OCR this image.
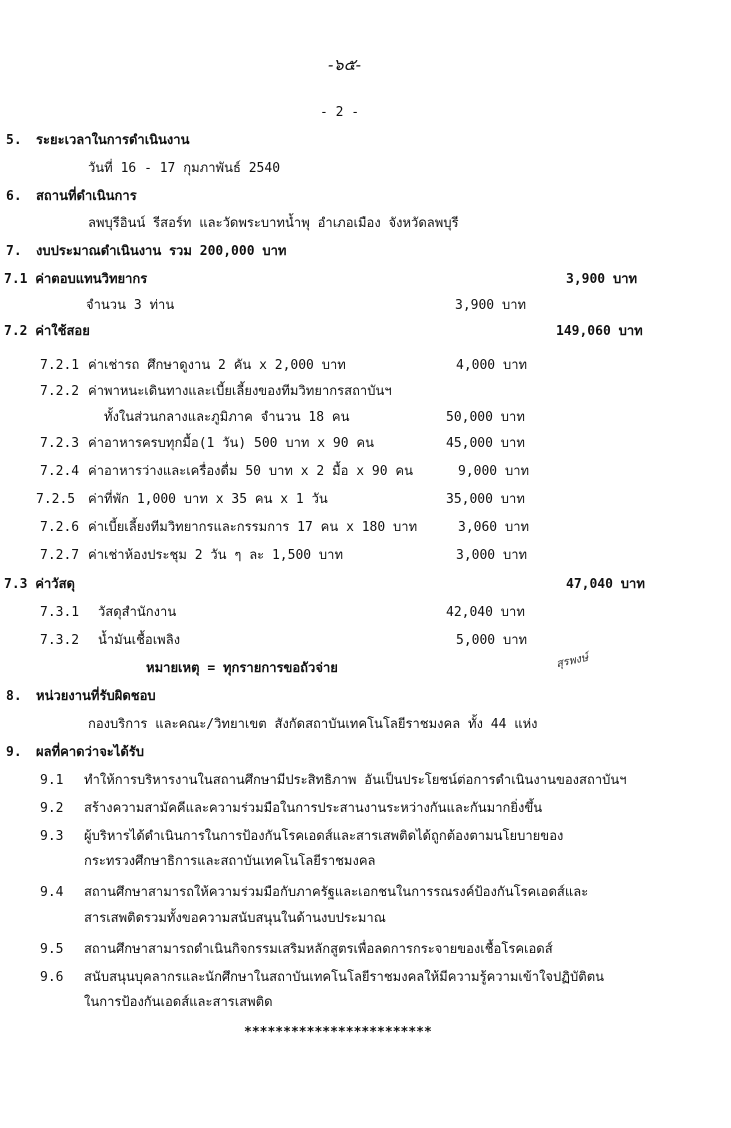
-๖๕-
- 2 -
5. ระยะเวลาในการดำเนินงาน
วันที่ 16 - 17 กุมภาพันธ์ 2540
6. สถานที่ดำเนินการ
ลพบุรีอินน์ รีสอร์ท และวัดพระบาทน้ำพุ อำเภอเมือง จังหวัดลพบุรี
7. งบประมาณดำเนินงาน รวม 200,000 บาท
7.1 ค่าตอบแทนวิทยากร	3,900 บาท
จำนวน 3 ท่าน	3,900 บาท
7.2 ค่าใช้สอย	149,060 บาท
7.2.1 ค่าเช่ารถ ศึกษาดูงาน 2 คัน x 2,000 บาท	4,000 บาท
7.2.2 ค่าพาหนะเดินทางและเบี้ยเลี้ยงของทีมวิทยากรสถาบันฯ
ทั้งในส่วนกลางและภูมิภาค จำนวน 18 คน	50,000 บาท
7.2.3 ค่าอาหารครบทุกมื้อ(1 วัน) 500 บาท x 90 คน	45,000 บาท
7.2.4 ค่าอาหารว่างและเครื่องดื่ม 50 บาท x 2 มื้อ x 90 คน	9,000 บาท
7.2.5 ค่าที่พัก 1,000 บาท x 35 คน x 1 วัน	35,000 บาท
7.2.6 ค่าเบี้ยเลี้ยงทีมวิทยากรและกรรมการ 17 คน x 180 บาท	3,060 บาท
7.2.7 ค่าเช่าห้องประชุม 2 วัน ๆ ละ 1,500 บาท	3,000 บาท
7.3 ค่าวัสดุ	47,040 บาท
7.3.1 วัสดุสำนักงาน	42,040 บาท
7.3.2 น้ำมันเชื้อเพลิง	5,000 บาท
หมายเหตุ = ทุกรายการขอถัวจ่าย	สุรพงษ์
8. หน่วยงานที่รับผิดชอบ
กองบริการ และคณะ/วิทยาเขต สังกัดสถาบันเทคโนโลยีราชมงคล ทั้ง 44 แห่ง
9. ผลที่คาดว่าจะได้รับ
9.1 ทำให้การบริหารงานในสถานศึกษามีประสิทธิภาพ อันเป็นประโยชน์ต่อการดำเนินงานของสถาบันฯ
9.2 สร้างความสามัคคีและความร่วมมือในการประสานงานระหว่างกันและกันมากยิ่งขึ้น
9.3 ผู้บริหารได้ดำเนินการในการป้องกันโรคเอดส์และสารเสพติดได้ถูกต้องตามนโยบายของ
กระทรวงศึกษาธิการและสถาบันเทคโนโลยีราชมงคล
9.4 สถานศึกษาสามารถให้ความร่วมมือกับภาครัฐและเอกชนในการรณรงค์ป้องกันโรคเอดส์และ
สารเสพติดรวมทั้งขอความสนับสนุนในด้านงบประมาณ
9.5 สถานศึกษาสามารถดำเนินกิจกรรมเสริมหลักสูตรเพื่อลดการกระจายของเชื้อโรคเอดส์
9.6 สนับสนุนบุคลากรและนักศึกษาในสถาบันเทคโนโลยีราชมงคลให้มีความรู้ความเข้าใจปฏิบัติตน
ในการป้องกันเอดส์และสารเสพติด
************************
